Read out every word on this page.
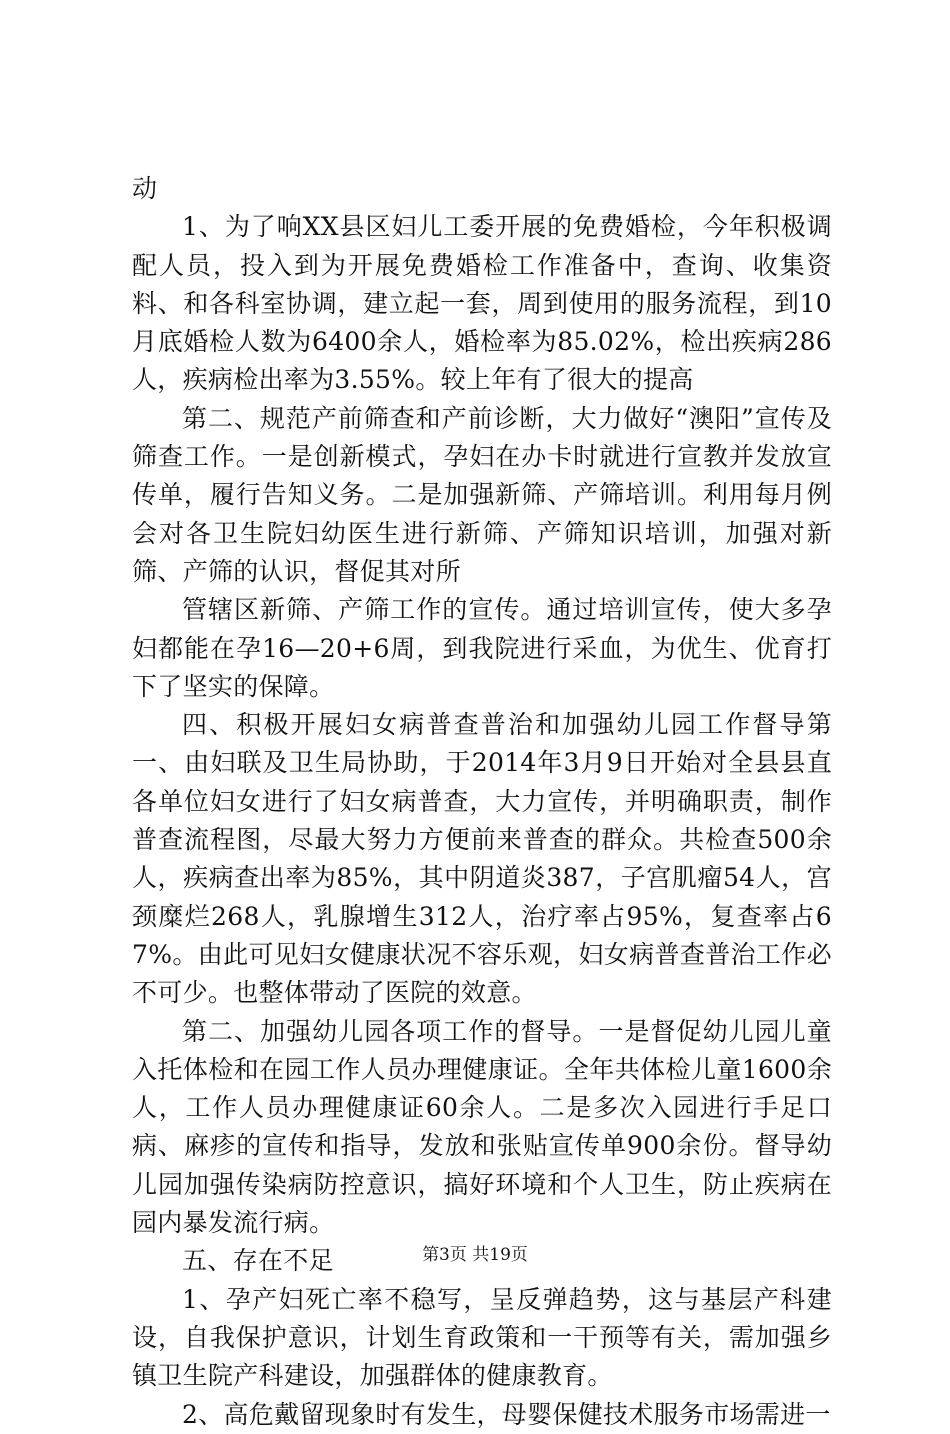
动

1、为了响XX县区妇儿工委开展的免费婚检，今年积极调配人员，投入到为开展免费婚检工作准备中，查询、收集资料、和各科室协调，建立起一套，周到使用的服务流程，到10月底婚检人数为6400余人，婚检率为85.02%，检出疾病286人，疾病检出率为3.55%。较上年有了很大的提高

第二、规范产前筛查和产前诊断，大力做好“澳阳”宣传及筛查工作。一是创新模式，孕妇在办卡时就进行宣教并发放宣传单，履行告知义务。二是加强新筛、产筛培训。利用每月例会对各卫生院妇幼医生进行新筛、产筛知识培训，加强对新筛、产筛的认识，督促其对所

管辖区新筛、产筛工作的宣传。通过培训宣传，使大多孕妇都能在孕16—20+6周，到我院进行采血，为优生、优育打下了坚实的保障。

四、积极开展妇女病普查普治和加强幼儿园工作督导第一、由妇联及卫生局协助，于2014年3月9日开始对全县县直各单位妇女进行了妇女病普查，大力宣传，并明确职责，制作普查流程图，尽最大努力方便前来普查的群众。共检查500余人，疾病查出率为85%，其中阴道炎387，子宫肌瘤54人，宫颈糜烂268人，乳腺增生312人，治疗率占95%，复查率占67%。由此可见妇女健康状况不容乐观，妇女病普查普治工作必不可少。也整体带动了医院的效意。

第二、加强幼儿园各项工作的督导。一是督促幼儿园儿童入托体检和在园工作人员办理健康证。全年共体检儿童1600余人，工作人员办理健康证60余人。二是多次入园进行手足口病、麻疹的宣传和指导，发放和张贴宣传单900余份。督导幼儿园加强传染病防控意识，搞好环境和个人卫生，防止疾病在园内暴发流行病。

五、存在不足

1、孕产妇死亡率不稳写，呈反弹趋势，这与基层产科建设，自我保护意识，计划生育政策和一干预等有关，需加强乡镇卫生院产科建设，加强群体的健康教育。

2、高危戴留现象时有发生，母婴保健技术服务市场需进一

第3页 共19页
